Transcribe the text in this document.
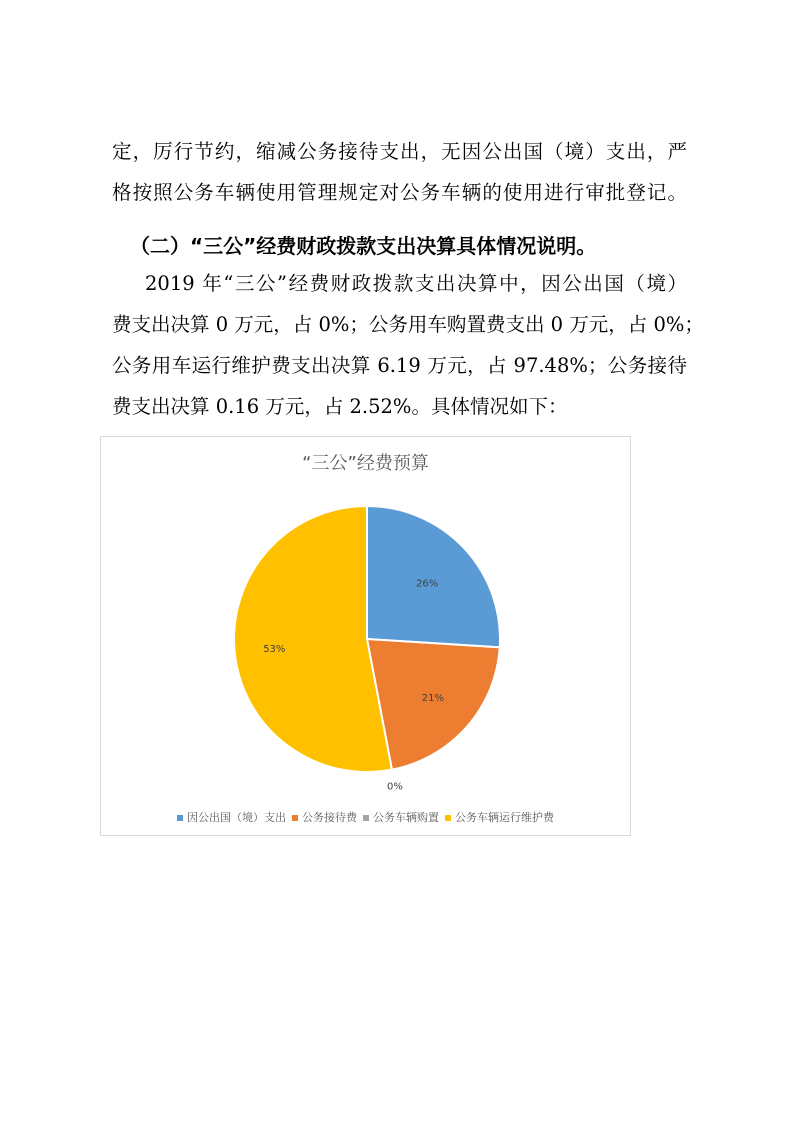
定，厉行节约，缩减公务接待支出，无因公出国（境）支出，严

格按照公务车辆使用管理规定对公务车辆的使用进行审批登记。

（二）“三公”经费财政拨款支出决算具体情况说明。

2019 年“三公”经费财政拨款支出决算中，因公出国（境）

费支出决算 0 万元，占 0%；公务用车购置费支出 0 万元，占 0%；

公务用车运行维护费支出决算 6.19 万元，占 97.48%；公务接待

费支出决算 0.16 万元，占 2.52%。具体情况如下：

“三公”经费预算
26%
21%
0%
53%
因公出国（境）支出 公务接待费 公务车辆购置 公务车辆运行维护费
